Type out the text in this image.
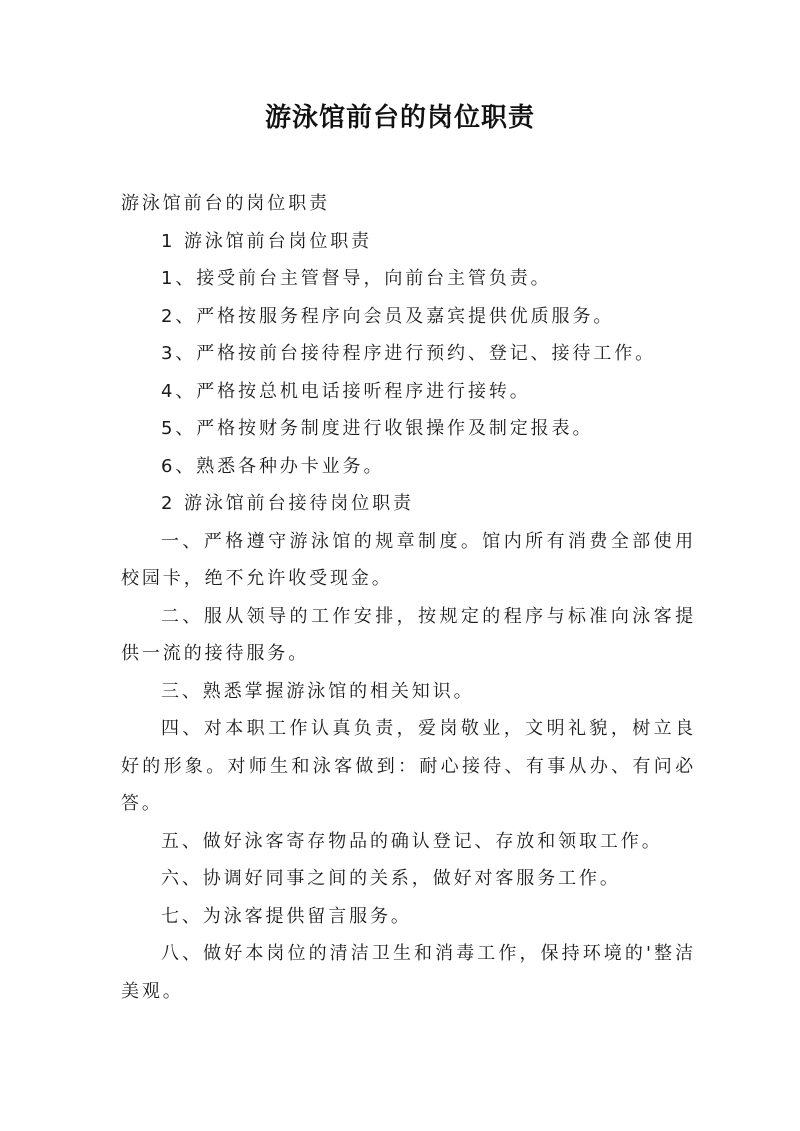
游泳馆前台的岗位职责

游泳馆前台的岗位职责

1 游泳馆前台岗位职责

1、接受前台主管督导，向前台主管负责。

2、严格按服务程序向会员及嘉宾提供优质服务。

3、严格按前台接待程序进行预约、登记、接待工作。

4、严格按总机电话接听程序进行接转。

5、严格按财务制度进行收银操作及制定报表。

6、熟悉各种办卡业务。

2 游泳馆前台接待岗位职责

一、严格遵守游泳馆的规章制度。馆内所有消费全部使用校园卡，绝不允许收受现金。

二、服从领导的工作安排，按规定的程序与标准向泳客提供一流的接待服务。

三、熟悉掌握游泳馆的相关知识。

四、对本职工作认真负责，爱岗敬业，文明礼貌，树立良好的形象。对师生和泳客做到：耐心接待、有事从办、有问必答。

五、做好泳客寄存物品的确认登记、存放和领取工作。

六、协调好同事之间的关系，做好对客服务工作。

七、为泳客提供留言服务。

八、做好本岗位的清洁卫生和消毒工作，保持环境的'整洁美观。
